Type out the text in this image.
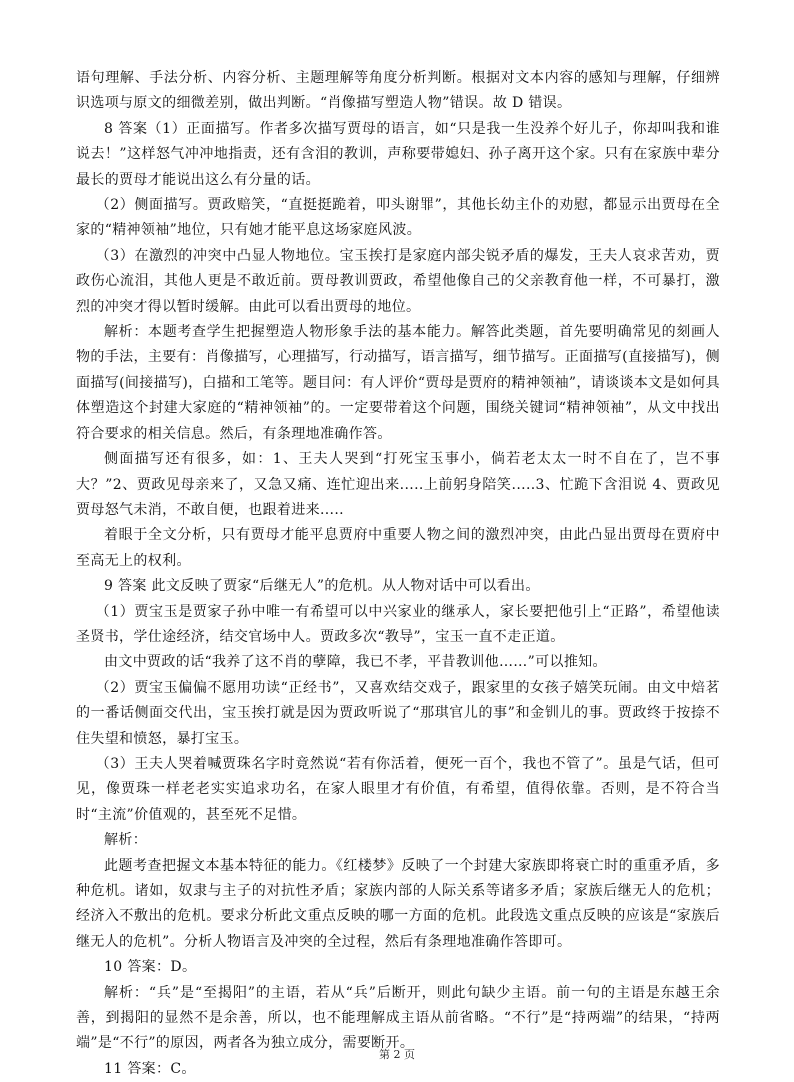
语句理解、手法分析、内容分析、主题理解等角度分析判断。根据对文本内容的感知与理解，仔细辨识选项与原文的细微差别，做出判断。“肖像描写塑造人物”错误。故 D 错误。

8 答案（1）正面描写。作者多次描写贾母的语言，如“只是我一生没养个好儿子，你却叫我和谁说去！”这样怒气冲冲地指责，还有含泪的教训，声称要带媳妇、孙子离开这个家。只有在家族中辈分最长的贾母才能说出这么有分量的话。

（2）侧面描写。贾政赔笑，“直挺挺跪着，叩头谢罪”，其他长幼主仆的劝慰，都显示出贾母在全家的“精神领袖”地位，只有她才能平息这场家庭风波。

（3）在激烈的冲突中凸显人物地位。宝玉挨打是家庭内部尖锐矛盾的爆发，王夫人哀求苦劝，贾政伤心流泪，其他人更是不敢近前。贾母教训贾政，希望他像自己的父亲教育他一样，不可暴打，激烈的冲突才得以暂时缓解。由此可以看出贾母的地位。

解析：本题考查学生把握塑造人物形象手法的基本能力。解答此类题，首先要明确常见的刻画人物的手法，主要有：肖像描写，心理描写，行动描写，语言描写，细节描写。正面描写(直接描写)，侧面描写(间接描写)，白描和工笔等。题目问：有人评价“贾母是贾府的精神领袖”，请谈谈本文是如何具体塑造这个封建大家庭的“精神领袖”的。一定要带着这个问题，围绕关键词“精神领袖”，从文中找出符合要求的相关信息。然后，有条理地准确作答。

侧面描写还有很多，如：1、王夫人哭到“打死宝玉事小，倘若老太太一时不自在了，岂不事大？”2、贾政见母亲来了，又急又痛、连忙迎出来.....上前躬身陪笑.....3、忙跪下含泪说 4、贾政见贾母怒气未消，不敢自便，也跟着进来.....

着眼于全文分析，只有贾母才能平息贾府中重要人物之间的激烈冲突，由此凸显出贾母在贾府中至高无上的权利。

9 答案 此文反映了贾家“后继无人”的危机。从人物对话中可以看出。

（1）贾宝玉是贾家子孙中唯一有希望可以中兴家业的继承人，家长要把他引上“正路”，希望他读圣贤书，学仕途经济，结交官场中人。贾政多次“教导”，宝玉一直不走正道。

由文中贾政的话“我养了这不肖的孽障，我已不孝，平昔教训他……”可以推知。

（2）贾宝玉偏偏不愿用功读“正经书”，又喜欢结交戏子，跟家里的女孩子嬉笑玩闹。由文中焙茗的一番话侧面交代出，宝玉挨打就是因为贾政听说了“那琪官儿的事”和金钏儿的事。贾政终于按捺不住失望和愤怒，暴打宝玉。

（3）王夫人哭着喊贾珠名字时竟然说“若有你活着，便死一百个，我也不管了”。虽是气话，但可见，像贾珠一样老老实实追求功名，在家人眼里才有价值，有希望，值得依靠。否则，是不符合当时“主流”价值观的，甚至死不足惜。

解析：

此题考查把握文本基本特征的能力。《红楼梦》反映了一个封建大家族即将衰亡时的重重矛盾，多种危机。诸如，奴隶与主子的对抗性矛盾；家族内部的人际关系等诸多矛盾；家族后继无人的危机；经济入不敷出的危机。要求分析此文重点反映的哪一方面的危机。此段选文重点反映的应该是“家族后继无人的危机”。分析人物语言及冲突的全过程，然后有条理地准确作答即可。

10 答案：D。

解析：“兵”是“至揭阳”的主语，若从“兵”后断开，则此句缺少主语。前一句的主语是东越王余善，到揭阳的显然不是余善，所以，也不能理解成主语从前省略。“不行”是“持两端”的结果，“持两端”是“不行”的原因，两者各为独立成分，需要断开。

11 答案：C。

第 2 页
